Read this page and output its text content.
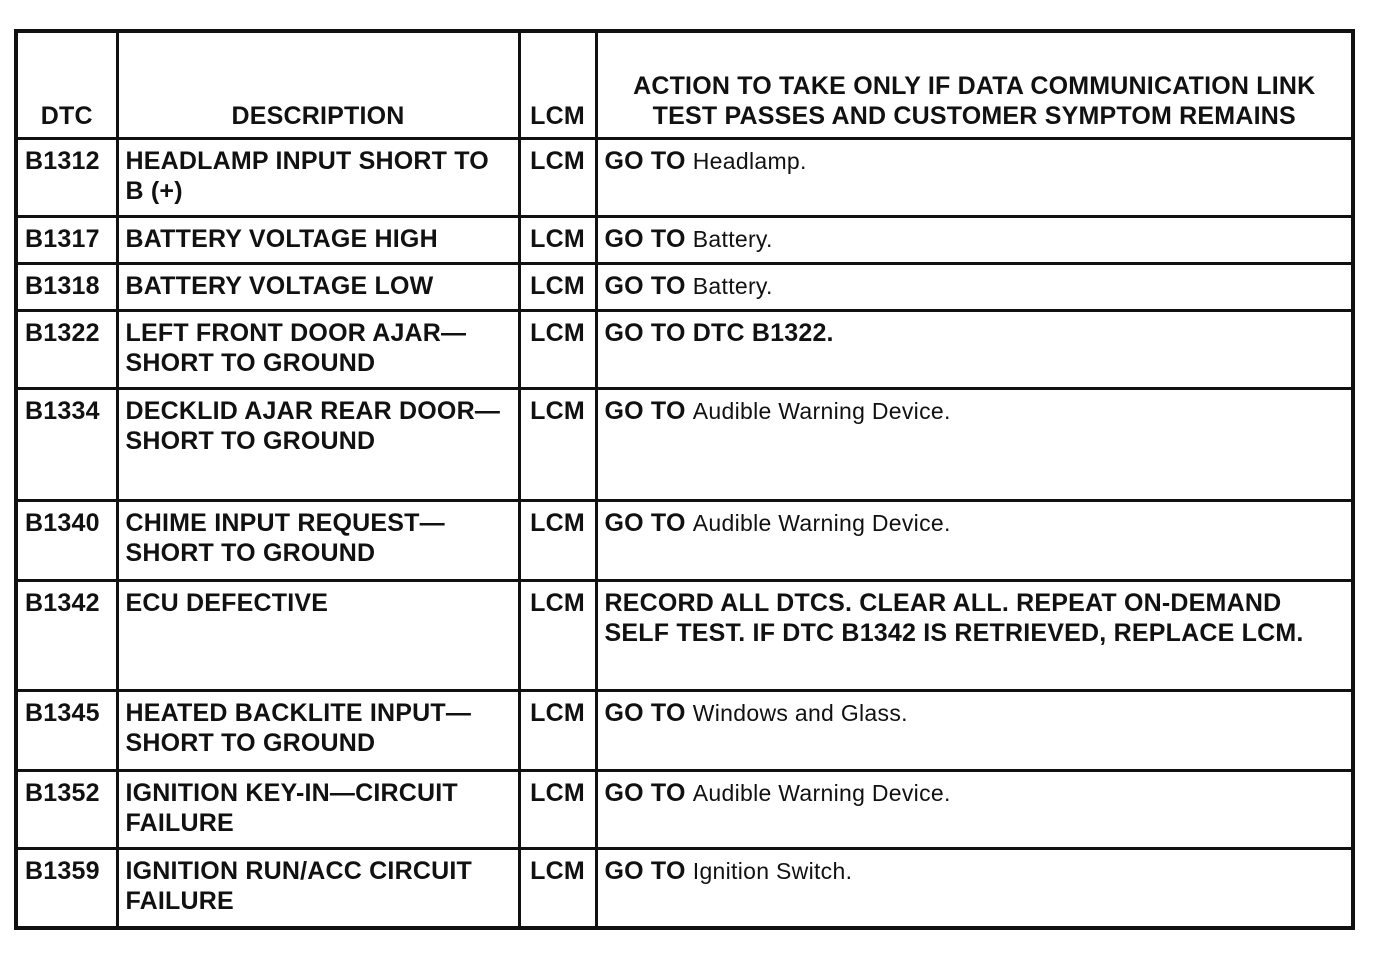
DTC	DESCRIPTION	LCM	ACTION TO TAKE ONLY IF DATA COMMUNICATION LINK TEST PASSES AND CUSTOMER SYMPTOM REMAINS
B1312	HEADLAMP INPUT SHORT TO B (+)	LCM	GO TO Headlamp.
B1317	BATTERY VOLTAGE HIGH	LCM	GO TO Battery.
B1318	BATTERY VOLTAGE LOW	LCM	GO TO Battery.
B1322	LEFT FRONT DOOR AJAR—SHORT TO GROUND	LCM	GO TO DTC B1322.
B1334	DECKLID AJAR REAR DOOR—SHORT TO GROUND	LCM	GO TO Audible Warning Device.
B1340	CHIME INPUT REQUEST—SHORT TO GROUND	LCM	GO TO Audible Warning Device.
B1342	ECU DEFECTIVE	LCM	RECORD ALL DTCS. CLEAR ALL. REPEAT ON-DEMAND SELF TEST. IF DTC B1342 IS RETRIEVED, REPLACE LCM.
B1345	HEATED BACKLITE INPUT—SHORT TO GROUND	LCM	GO TO Windows and Glass.
B1352	IGNITION KEY-IN—CIRCUIT FAILURE	LCM	GO TO Audible Warning Device.
B1359	IGNITION RUN/ACC CIRCUIT FAILURE	LCM	GO TO Ignition Switch.
